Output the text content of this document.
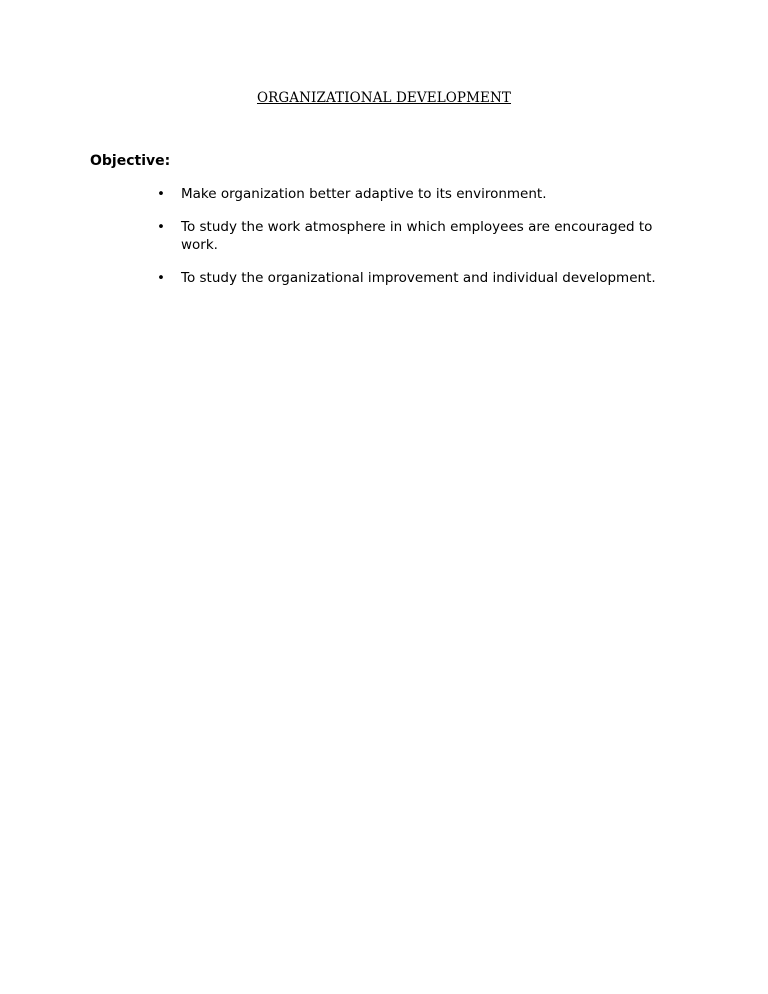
ORGANIZATIONAL DEVELOPMENT
Objective:
• Make organization better adaptive to its environment.
• To study the work atmosphere in which employees are encouraged to work.
• To study the organizational improvement and individual development.
